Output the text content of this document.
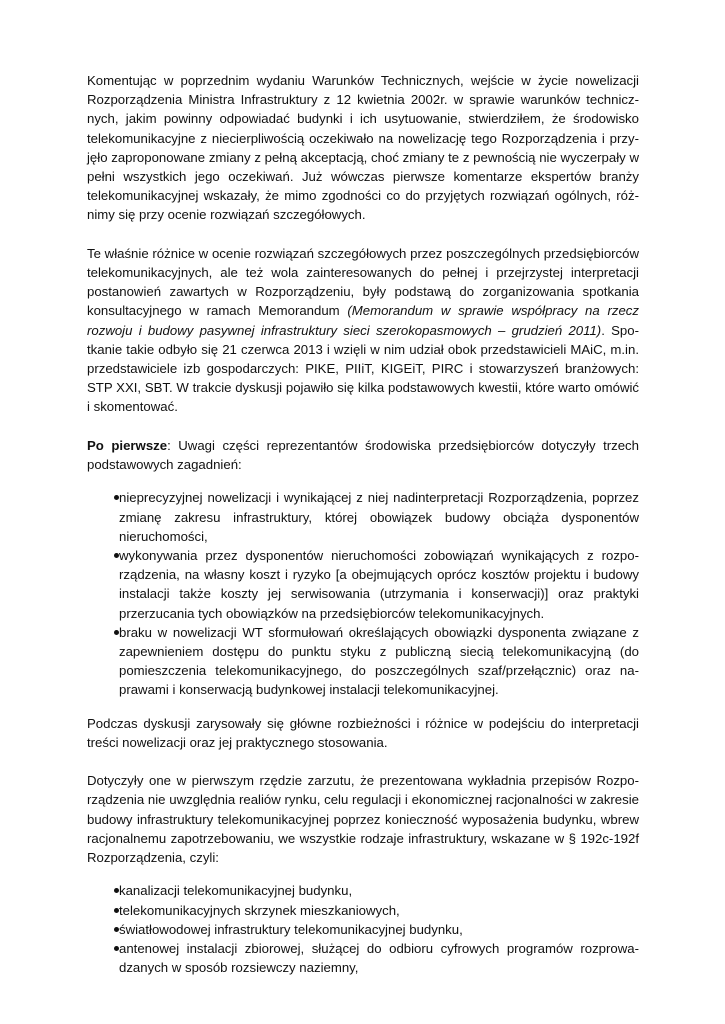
Komentując w poprzednim wydaniu Warunków Technicznych, wejście w życie nowelizacji Rozporządzenia Ministra Infrastruktury z 12 kwietnia 2002r. w sprawie warunków technicznych, jakim powinny odpowiadać budynki i ich usytuowanie, stwierdziłem, że środowisko telekomunikacyjne z niecierpliwością oczekiwało na nowelizację tego Rozporządzenia i przyjęło zaproponowane zmiany z pełną akceptacją, choć zmiany te z pewnością nie wyczerpały w pełni wszystkich jego oczekiwań. Już wówczas pierwsze komentarze ekspertów branży telekomunikacyjnej wskazały, że mimo zgodności co do przyjętych rozwiązań ogólnych, różnimy się przy ocenie rozwiązań szczegółowych.

Te właśnie różnice w ocenie rozwiązań szczegółowych przez poszczególnych przedsiębiorców telekomunikacyjnych, ale też wola zainteresowanych do pełnej i przejrzystej interpretacji postanowień zawartych w Rozporządzeniu, były podstawą do zorganizowania spotkania konsultacyjnego w ramach Memorandum (Memorandum w sprawie współpracy na rzecz rozwoju i budowy pasywnej infrastruktury sieci szerokopasmowych – grudzień 2011). Spotkanie takie odbyło się 21 czerwca 2013 i wzięli w nim udział obok przedstawicieli MAiC, m.in. przedstawiciele izb gospodarczych: PIKE, PIIiT, KIGEiT, PIRC i stowarzyszeń branżowych: STP XXI, SBT. W trakcie dyskusji pojawiło się kilka podstawowych kwestii, które warto omówić i skomentować.

Po pierwsze: Uwagi części reprezentantów środowiska przedsiębiorców dotyczyły trzech podstawowych zagadnień:

nieprecyzyjnej nowelizacji i wynikającej z niej nadinterpretacji Rozporządzenia, poprzez zmianę zakresu infrastruktury, której obowiązek budowy obciąża dysponentów nieruchomości,
wykonywania przez dysponentów nieruchomości zobowiązań wynikających z rozporządzenia, na własny koszt i ryzyko [a obejmujących oprócz kosztów projektu i budowy instalacji także koszty jej serwisowania (utrzymania i konserwacji)] oraz praktyki przerzucania tych obowiązków na przedsiębiorców telekomunikacyjnych.
braku w nowelizacji WT sformułowań określających obowiązki dysponenta związane z zapewnieniem dostępu do punktu styku z publiczną siecią telekomunikacyjną (do pomieszczenia telekomunikacyjnego, do poszczególnych szaf/przełącznic) oraz naprawami i konserwacją budynkowej instalacji telekomunikacyjnej.

Podczas dyskusji zarysowały się główne rozbieżności i różnice w podejściu do interpretacji treści nowelizacji oraz jej praktycznego stosowania.

Dotyczyły one w pierwszym rzędzie zarzutu, że prezentowana wykładnia przepisów Rozporządzenia nie uwzględnia realiów rynku, celu regulacji i ekonomicznej racjonalności w zakresie budowy infrastruktury telekomunikacyjnej poprzez konieczność wyposażenia budynku, wbrew racjonalnemu zapotrzebowaniu, we wszystkie rodzaje infrastruktury, wskazane w § 192c-192f Rozporządzenia, czyli:

kanalizacji telekomunikacyjnej budynku,
telekomunikacyjnych skrzynek mieszkaniowych,
światłowodowej infrastruktury telekomunikacyjnej budynku,
antenowej instalacji zbiorowej, służącej do odbioru cyfrowych programów rozprowadzanych w sposób rozsiewczy naziemny,
